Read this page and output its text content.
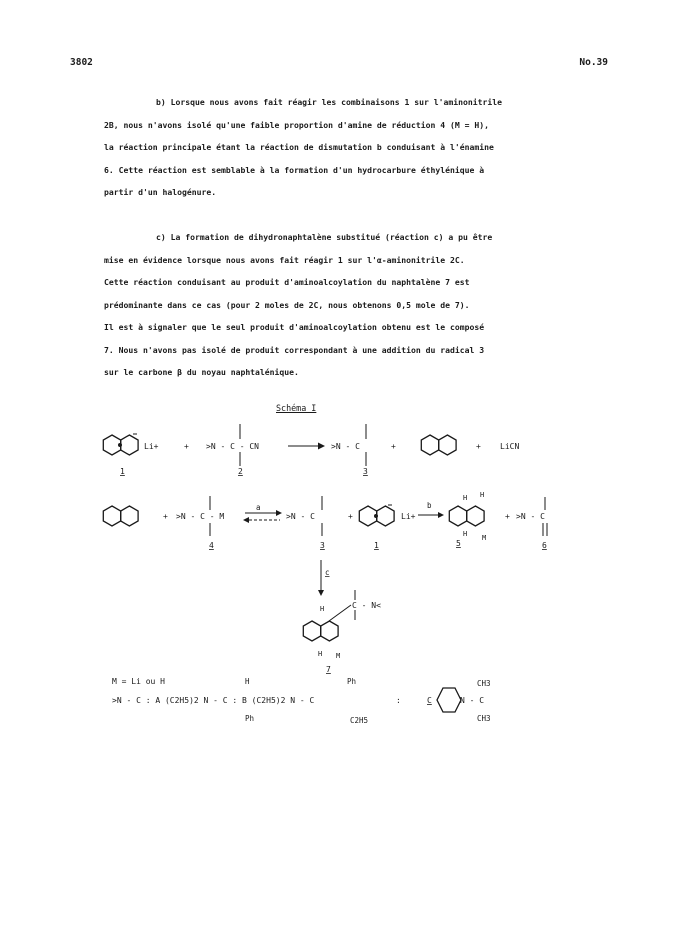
3802	No.39

b) Lorsque nous avons fait réagir les combinaisons 1 sur l'aminonitrile

2B, nous n'avons isolé qu'une faible proportion d'amine de réduction 4 (M = H),

la réaction principale étant la réaction de dismutation b conduisant à l'énamine

6. Cette réaction est semblable à la formation d'un hydrocarbure éthylénique à

partir d'un halogénure.

c) La formation de dihydronaphtalène substitué (réaction c) a pu être

mise en évidence lorsque nous avons fait réagir 1 sur l'α-aminonitrile 2C.

Cette réaction conduisant au produit d'aminoalcoylation du naphtalène 7 est

prédominante dans ce cas (pour 2 moles de 2C, nous obtenons 0,5 mole de 7).

Il est à signaler que le seul produit d'aminoalcoylation obtenu est le composé

7. Nous n'avons pas isolé de produit correspondant à une addition du radical 3

sur le carbone β du noyau naphtalénique.

Schéma I
Li+	+ >N - C - CN	>N - C	+	+ LiCN
1	2	3
+ >N - C - M
a
>N - C	+	Li+
b
H H
H M
+ >N - C
4	3	1	5	6
c
H
H M
C - N<
7
M = Li ou H	H	Ph
>N - C : A (C2H5)2 N - C : B (C2H5)2 N - C	:	C
Ph	C2H5
N - C
CH3
CH3
